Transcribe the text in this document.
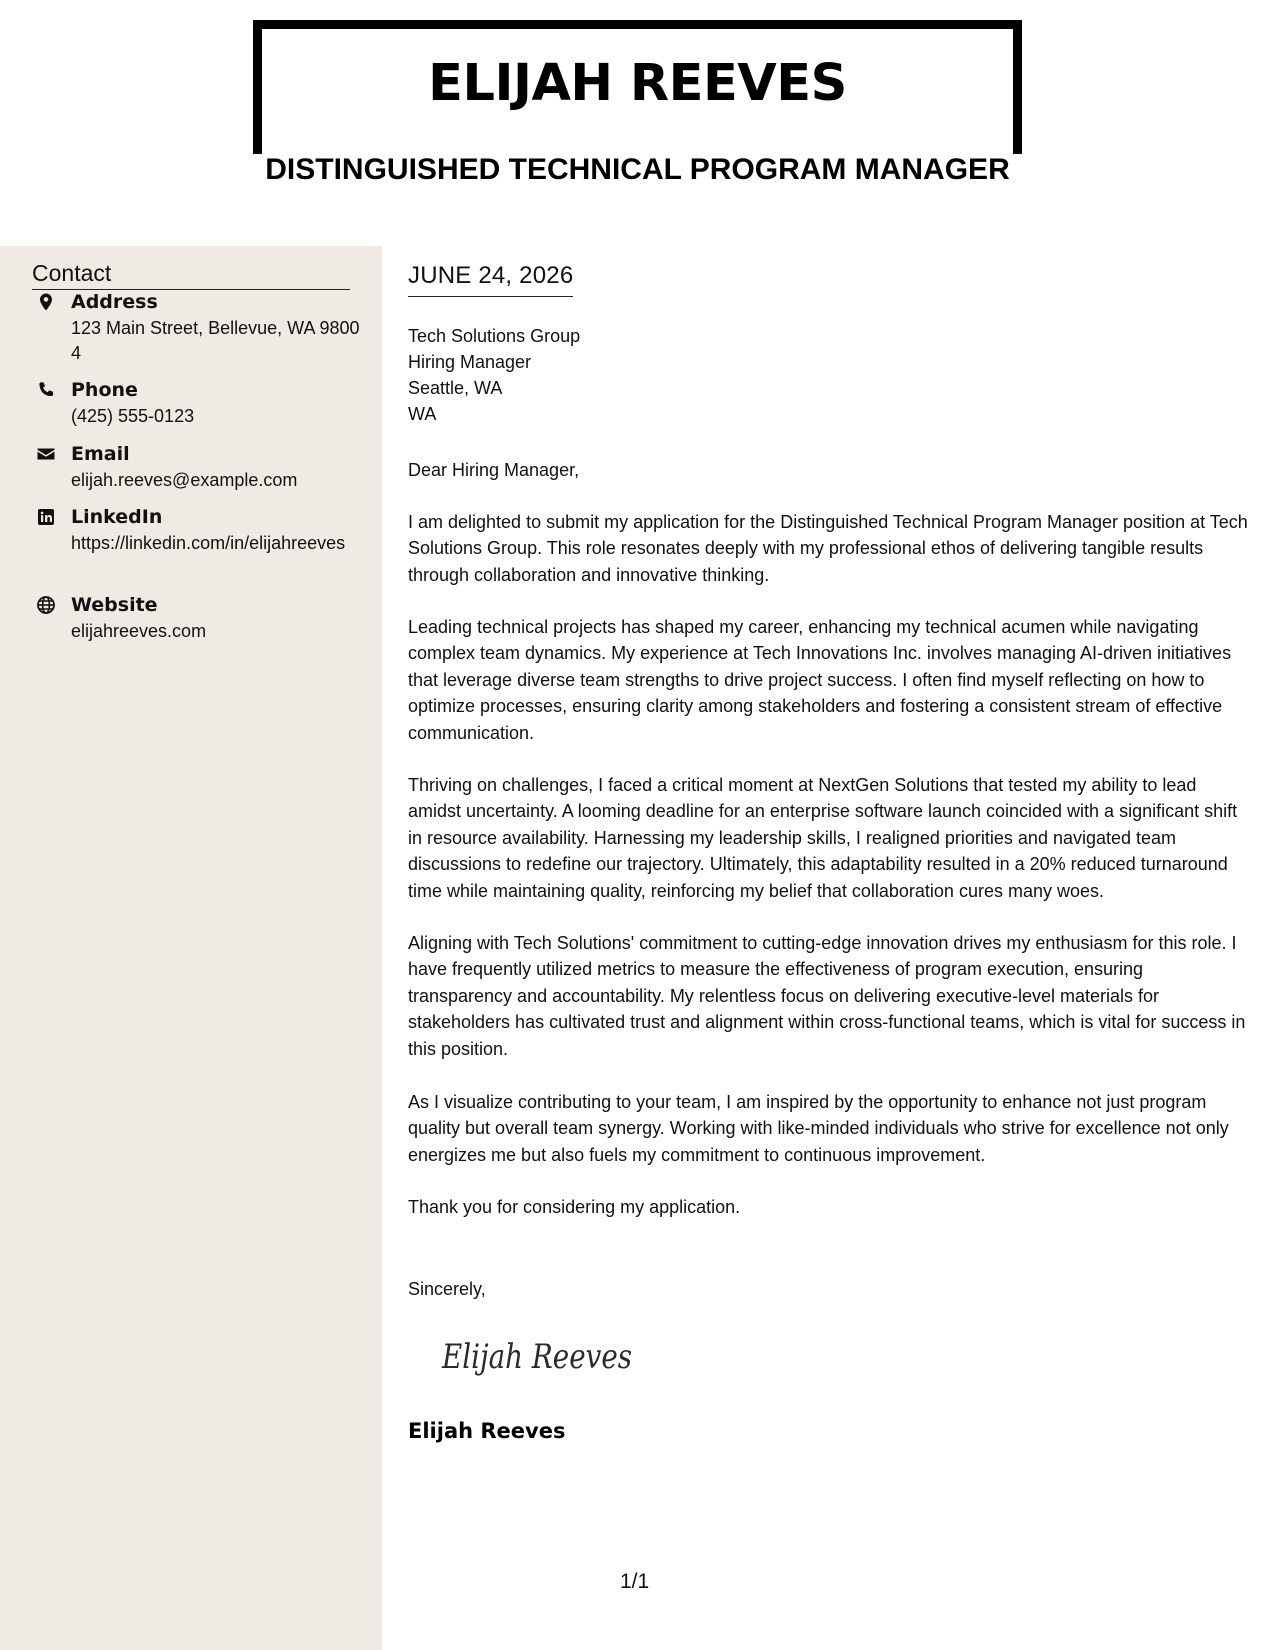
ELIJAH REEVES
DISTINGUISHED TECHNICAL PROGRAM MANAGER
Contact
Address
123 Main Street, Bellevue, WA 98004
Phone
(425) 555-0123
Email
elijah.reeves@example.com
LinkedIn
https://linkedin.com/in/elijahreeves
Website
elijahreeves.com
JUNE 24, 2026
Tech Solutions Group
Hiring Manager
Seattle, WA
WA
Dear Hiring Manager,

I am delighted to submit my application for the Distinguished Technical Program Manager position at Tech Solutions Group. This role resonates deeply with my professional ethos of delivering tangible results through collaboration and innovative thinking.

Leading technical projects has shaped my career, enhancing my technical acumen while navigating complex team dynamics. My experience at Tech Innovations Inc. involves managing AI-driven initiatives that leverage diverse team strengths to drive project success. I often find myself reflecting on how to optimize processes, ensuring clarity among stakeholders and fostering a consistent stream of effective communication.

Thriving on challenges, I faced a critical moment at NextGen Solutions that tested my ability to lead amidst uncertainty. A looming deadline for an enterprise software launch coincided with a significant shift in resource availability. Harnessing my leadership skills, I realigned priorities and navigated team discussions to redefine our trajectory. Ultimately, this adaptability resulted in a 20% reduced turnaround time while maintaining quality, reinforcing my belief that collaboration cures many woes.

Aligning with Tech Solutions' commitment to cutting-edge innovation drives my enthusiasm for this role. I have frequently utilized metrics to measure the effectiveness of program execution, ensuring transparency and accountability. My relentless focus on delivering executive-level materials for stakeholders has cultivated trust and alignment within cross-functional teams, which is vital for success in this position.

As I visualize contributing to your team, I am inspired by the opportunity to enhance not just program quality but overall team synergy. Working with like-minded individuals who strive for excellence not only energizes me but also fuels my commitment to continuous improvement.

Thank you for considering my application.

Sincerely,
Elijah Reeves
Elijah Reeves
1/1
